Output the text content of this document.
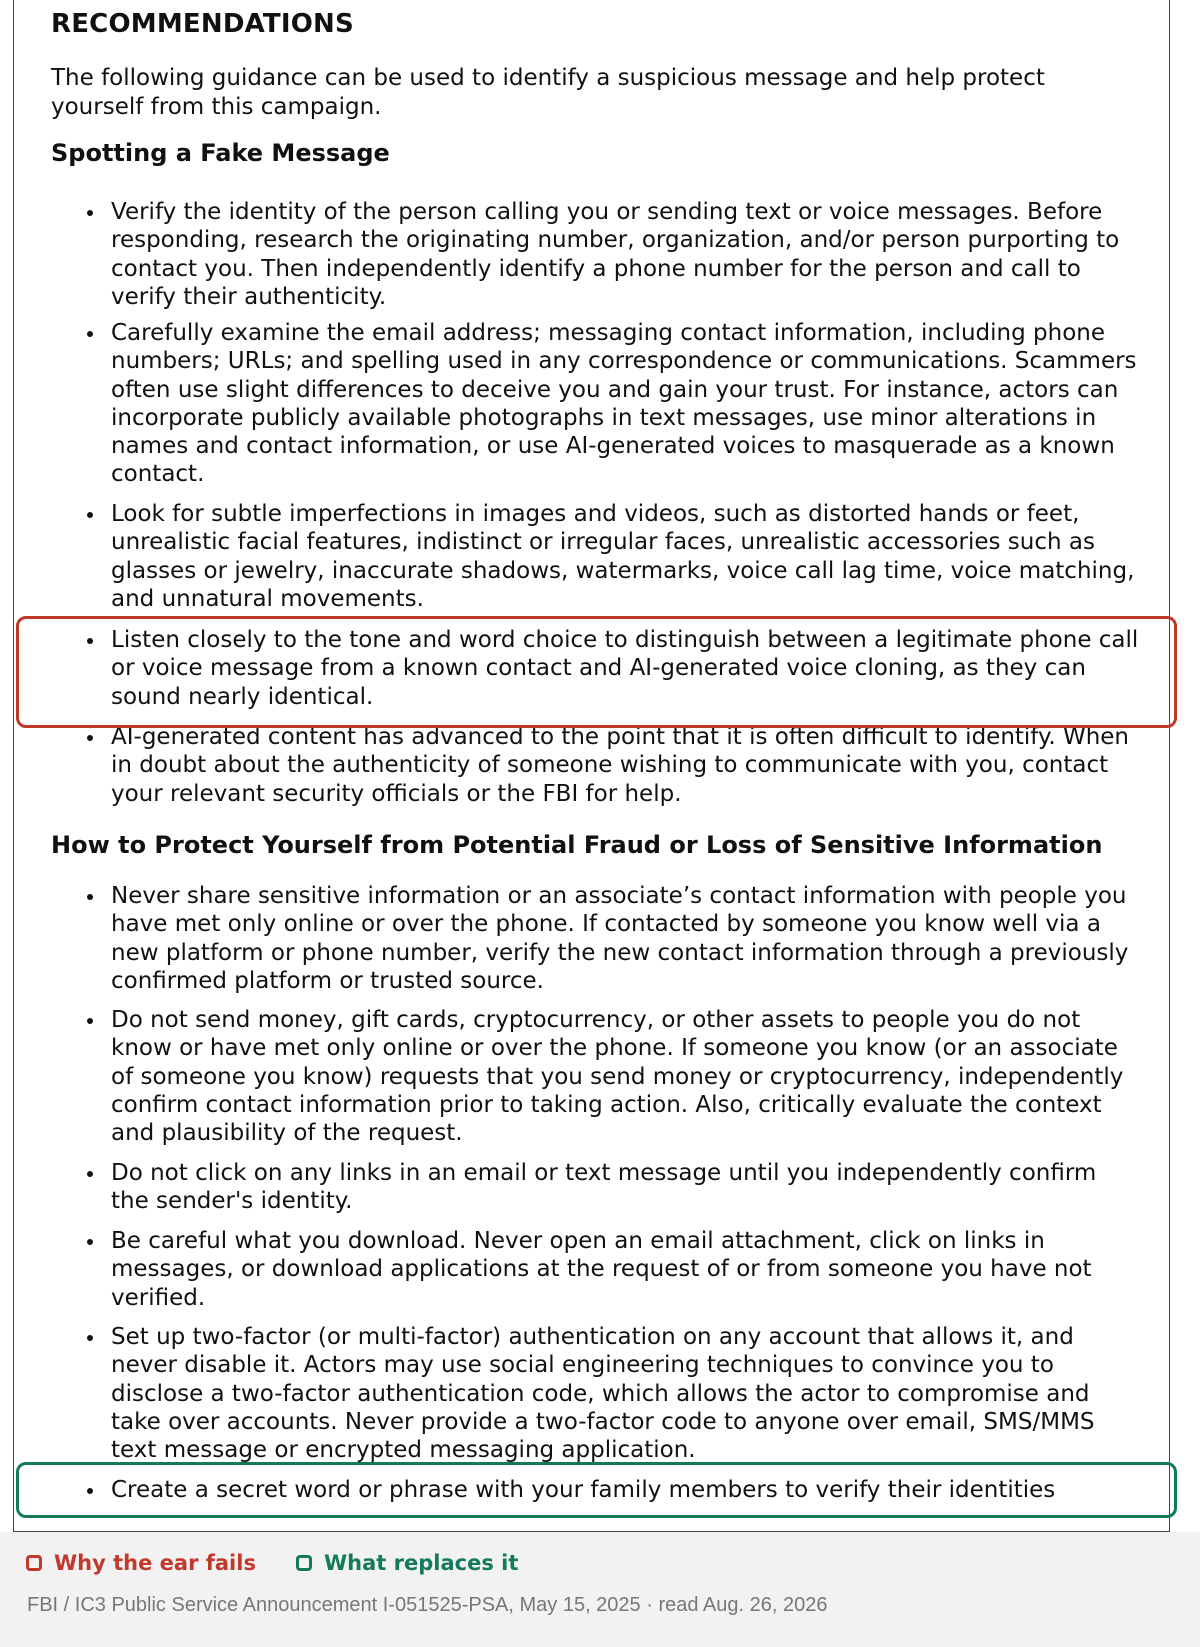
RECOMMENDATIONS

The following guidance can be used to identify a suspicious message and help protect yourself from this campaign.

Spotting a Fake Message
Verify the identity of the person calling you or sending text or voice messages. Before responding, research the originating number, organization, and/or person purporting to contact you. Then independently identify a phone number for the person and call to verify their authenticity.
Carefully examine the email address; messaging contact information, including phone numbers; URLs; and spelling used in any correspondence or communications. Scammers often use slight differences to deceive you and gain your trust. For instance, actors can incorporate publicly available photographs in text messages, use minor alterations in names and contact information, or use AI-generated voices to masquerade as a known contact.
Look for subtle imperfections in images and videos, such as distorted hands or feet, unrealistic facial features, indistinct or irregular faces, unrealistic accessories such as glasses or jewelry, inaccurate shadows, watermarks, voice call lag time, voice matching, and unnatural movements.
Listen closely to the tone and word choice to distinguish between a legitimate phone call or voice message from a known contact and AI-generated voice cloning, as they can sound nearly identical.
AI-generated content has advanced to the point that it is often difficult to identify. When in doubt about the authenticity of someone wishing to communicate with you, contact your relevant security officials or the FBI for help.
How to Protect Yourself from Potential Fraud or Loss of Sensitive Information
Never share sensitive information or an associate’s contact information with people you have met only online or over the phone. If contacted by someone you know well via a new platform or phone number, verify the new contact information through a previously confirmed platform or trusted source.
Do not send money, gift cards, cryptocurrency, or other assets to people you do not know or have met only online or over the phone. If someone you know (or an associate of someone you know) requests that you send money or cryptocurrency, independently confirm contact information prior to taking action. Also, critically evaluate the context and plausibility of the request.
Do not click on any links in an email or text message until you independently confirm the sender's identity.
Be careful what you download. Never open an email attachment, click on links in messages, or download applications at the request of or from someone you have not verified.
Set up two-factor (or multi-factor) authentication on any account that allows it, and never disable it. Actors may use social engineering techniques to convince you to disclose a two-factor authentication code, which allows the actor to compromise and take over accounts. Never provide a two-factor code to anyone over email, SMS/MMS text message or encrypted messaging application.
Create a secret word or phrase with your family members to verify their identities
Why the ear fails	What replaces it
FBI / IC3 Public Service Announcement I-051525-PSA, May 15, 2025 · read Aug. 26, 2026
